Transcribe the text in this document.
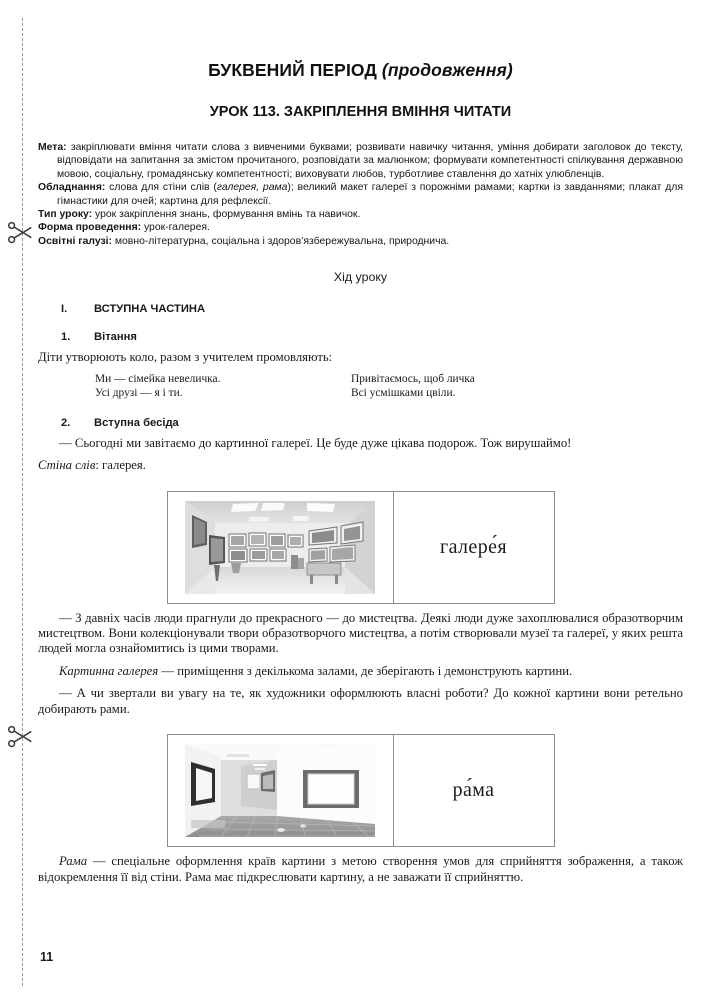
БУКВЕНИЙ ПЕРІОД (продовження)
УРОК 113. ЗАКРІПЛЕННЯ ВМІННЯ ЧИТАТИ

Мета: закріплювати вміння читати слова з вивченими буквами; розвивати навичку читання, уміння добирати заголовок до тексту, відповідати на запитання за змістом прочитаного, розповідати за малюнком; формувати компетентності спілкування державною мовою, соціальну, громадянську компетентності; виховувати любов, турботливе ставлення до хатніх улюбленців.

Обладнання: слова для стіни слів (галерея, рама); великий макет галереї з порожніми рамами; картки із завданнями; плакат для гімнастики для очей; картина для рефлексії.

Тип уроку: урок закріплення знань, формування вмінь та навичок.

Форма проведення: урок-галерея.

Освітні галузі: мовно-літературна, соціальна і здоров’язбережувальна, природнича.

Хід уроку
I. ВСТУПНА ЧАСТИНА
1. Вітання
Діти утворюють коло, разом з учителем промовляють:
Ми — сімейка невеличка.
Усі друзі — я і ти.
Привітаємось, щоб личка
Всі усмішками цвіли.
2. Вступна бесіда
— Сьогодні ми завітаємо до картинної галереї. Це буде дуже цікава подорож. Тож вирушаймо!
Стіна слів: галерея.
галере́я
— З давніх часів люди прагнули до прекрасного — до мистецтва. Деякі люди дуже захоплювалися образотворчим мистецтвом. Вони колекціонували твори образотворчого мистецтва, а потім створювали музеї та галереї, у яких решта людей могла ознайомитись із цими творами.
Картинна галерея — приміщення з декількома залами, де зберігають і демонструють картини.
— А чи звертали ви увагу на те, як художники оформлюють власні роботи? До кожної картини вони ретельно добирають рами.
ра́ма
Рама — спеціальне оформлення країв картини з метою створення умов для сприйняття зображення, а також відокремлення її від стіни. Рама має підкреслювати картину, а не заважати її сприйняттю.
11
